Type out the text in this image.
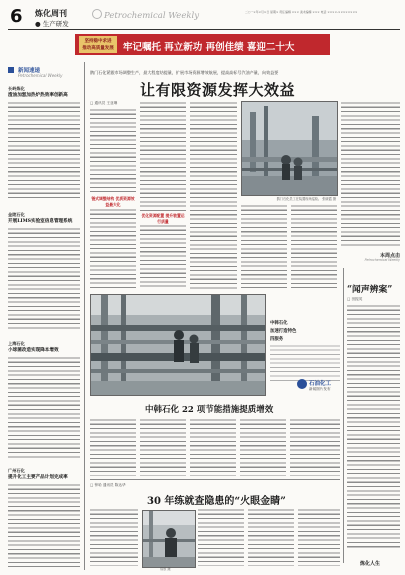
6 炼化周刊
● 生产研发
Petrochemical Weekly	二○一×年×月×日 星期× 责任编辑 ××× 美术编辑 ××× 电话 ××××-××××××××
坚持稳中求进
推动高质量发展 牢记嘱托 再立新功 再创佳绩 喜迎二十大
新闻速递
Petrochemical Weekly
长岭炼化
渣油加氢加热炉热效率创新高
金陵石化
开展LIMS实验室信息管理系统
上海石化
小球菌改造实现降本增效
广州石化
提升化工主要产品计划完成率
鹊门石化紧跟市场调整生产，最大程度结提量，扩展市场资源增效航展，提高高标号汽油产量，向效益要
让有限资源发挥大效益
□ 通讯员 王亚琳
链式调整结构 优质资源效益最大化
优化资源配置 提升装置运行质量
鹊门石化员工在装置现场巡检。 张晓霞 摄
本周点击
Petrochemical Weekly
中韩石化
加速打造特色
四服务
石油化工
新闻图片发布
“闻声辨案”
□ 田振英
中韩石化 22 项节能措施提质增效
□ 钟哈 通讯员 陈达华
30 年练就查隐患的“火眼金睛”
郑欣 摄
炼化人生
